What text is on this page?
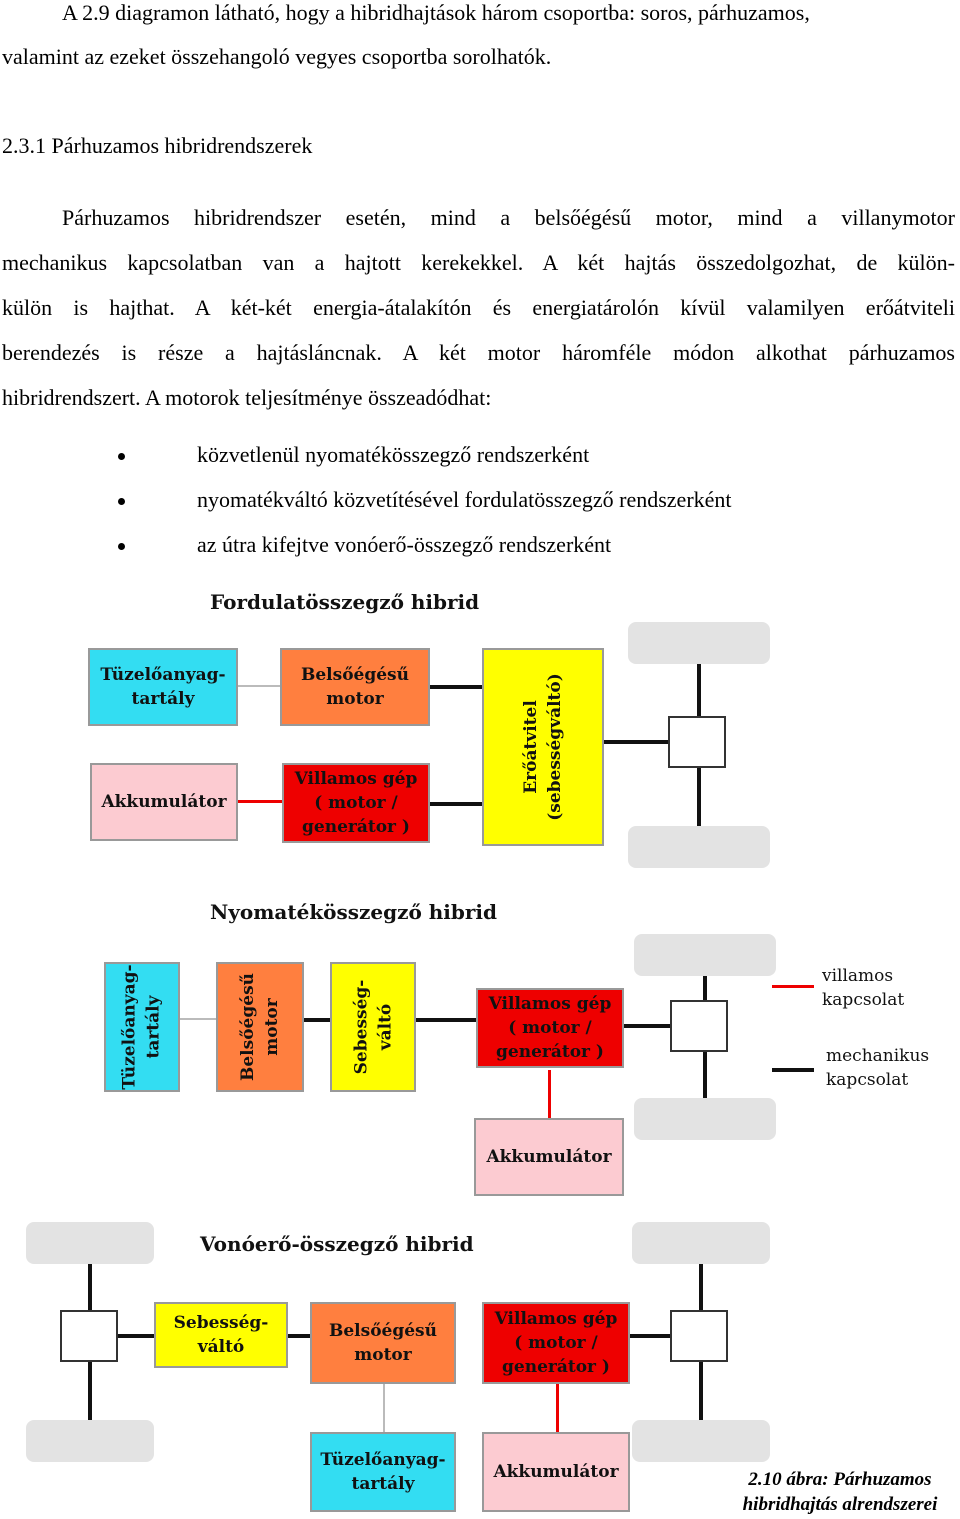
A 2.9 diagramon látható, hogy a hibridhajtások három csoportba: soros, párhuzamos,
valamint az ezeket összehangoló vegyes csoportba sorolhatók.
2.3.1 Párhuzamos hibridrendszerek
Párhuzamos hibridrendszer esetén, mind a belsőégésű motor, mind a villanymotor
mechanikus kapcsolatban van a hajtott kerekekkel. A két hajtás összedolgozhat, de külön-
külön is hajthat. A két-két energia-átalakítón és energiatárolón kívül valamilyen erőátviteli
berendezés is része a hajtásláncnak. A két motor háromféle módon alkothat párhuzamos
hibridrendszert. A motorok teljesítménye összeadódhat:
közvetlenül nyomatékösszegző rendszerként
nyomatékváltó közvetítésével fordulatösszegző rendszerként
az útra kifejtve vonóerő-összegző rendszerként
Fordulatösszegző hibrid
Tüzelőanyag-
tartály
Belsőégésű
motor
Akkumulátor
Villamos gép
( motor /
generátor )
Erőátvitel
(sebességváltó)
Nyomatékösszegző hibrid
Tüzelőanyag-
tartály	Belsőégésű
motor	Sebesség-
váltó	Villamos gép
( motor /
generátor )
Akkumulátor
villamos
kapcsolat
mechanikus
kapcsolat
Vonóerő-összegző hibrid
Sebesség-
váltó
Belsőégésű
motor
Villamos gép
( motor /
generátor )
Tüzelőanyag-
tartály
Akkumulátor	2.10 ábra: Párhuzamos
hibridhajtás alrendszerei
